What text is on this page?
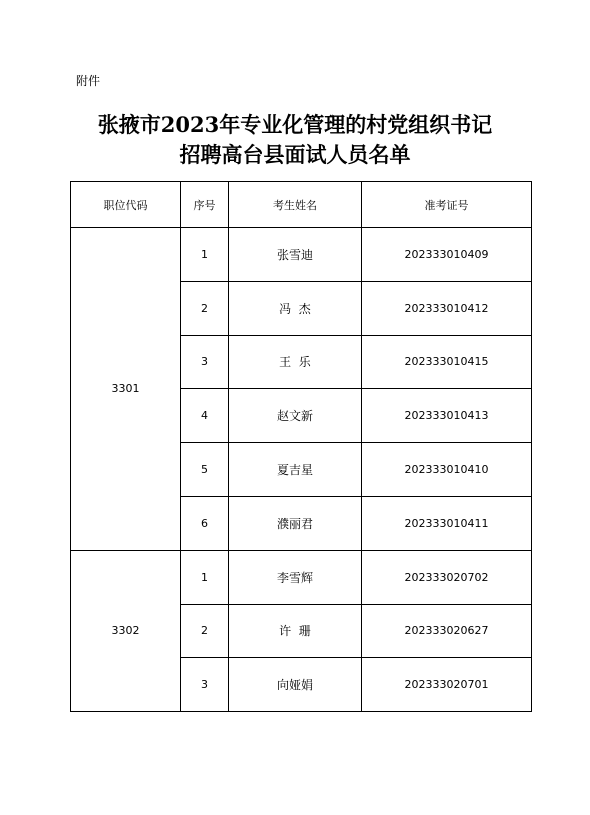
附件
张掖市2023年专业化管理的村党组织书记
招聘高台县面试人员名单
职位代码	序号	考生姓名	准考证号
3301	1	张雪迪	202333010409
	2	冯  杰	202333010412
	3	王  乐	202333010415
	4	赵文新	202333010413
	5	夏吉星	202333010410
	6	濮丽君	202333010411
3302	1	李雪辉	202333020702
	2	许  珊	202333020627
	3	向娅娟	202333020701
